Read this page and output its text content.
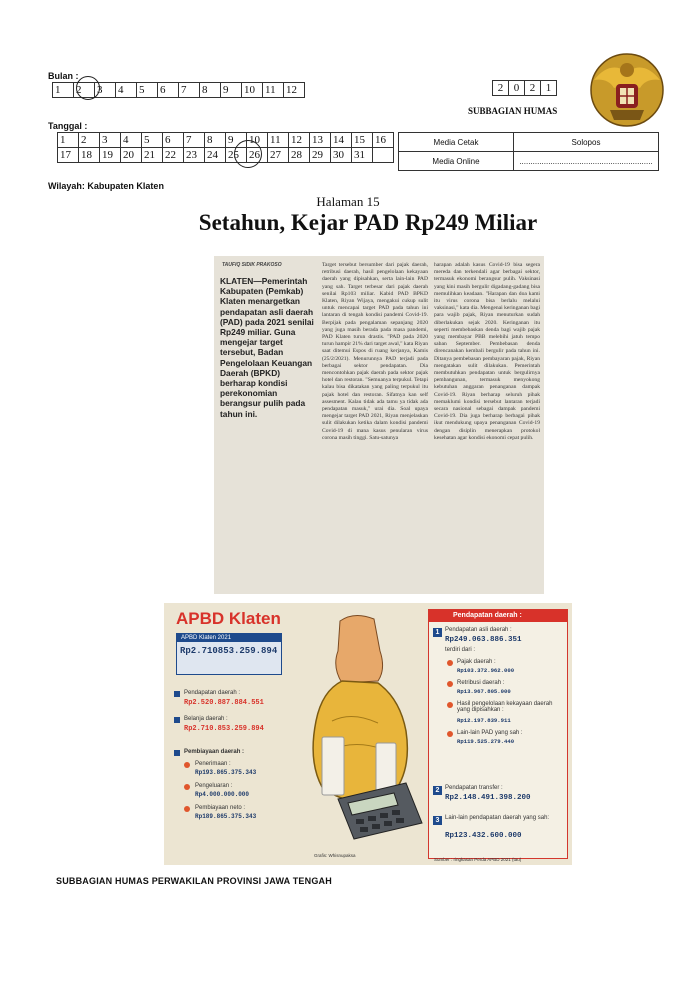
Bulan :
1	2	3	4	5	6	7	8	9	10	11	12
Tanggal :
1	2	3	4	5	6	7	8	9	10	11	12	13	14	15	16
17	18	19	20	21	22	23	24	25	26	27	28	29	30	31	
2 0 2 1
SUBBAGIAN HUMAS
Media Cetak	Solopos
Media Online	............................................................
Wilayah: Kabupaten Klaten
Halaman 15
Setahun, Kejar PAD Rp249 Miliar
TAUFIQ SIDIK PRAKOSO
KLATEN—Pemerintah Kabupaten (Pemkab) Klaten menargetkan pendapatan asli daerah (PAD) pada 2021 senilai Rp249 miliar. Guna mengejar target tersebut, Badan Pengelolaan Keuangan Daerah (BPKD) berharap kondisi perekonomian berangsur pulih pada tahun ini.
Target tersebut bersumber dari pajak daerah, retribusi daerah, hasil pengelolaan kekayaan daerah yang dipisahkan, serta lain-lain PAD yang sah. Target terbesar dari pajak daerah senilai Rp103 miliar. Kabid PAD BPKD Klaten, Riyan Wijaya, mengakui cukup sulit untuk mencapai target PAD pada tahun ini lantaran di tengah kondisi pandemi Covid-19. Berpijak pada pengalaman sepanjang 2020 yang juga masih berada pada masa pandemi, PAD Klaten turun drastis. "PAD pada 2020 turun hampir 21% dari target awal," kata Riyan saat ditemui Espos di ruang kerjanya, Kamis (25/2/2021). Menurunnya PAD terjadi pada berbagai sektor pendapatan. Dia mencontohkan pajak daerah pada sektor pajak hotel dan restoran. "Semuanya terpukul. Tetapi kalau bisa dikatakan yang paling terpukul itu pajak hotel dan restoran. Sifatnya kan self assesment. Kalau tidak ada tamu ya tidak ada pendapatan masuk," urai dia. Soal upaya mengejar target PAD 2021, Riyan menjelaskan sulit dilakukan ketika dalam kondisi pandemi Covid-19 di mana kasus penularan virus corona masih tinggi. Satu-satunya
harapan adalah kasus Covid-19 bisa segera mereda dan terkendali agar berbagai sektor, termasuk ekonomi berangsur pulih. Vaksinasi yang kini masih bergulir digadang-gadang bisa memulihkan keadaan. "Harapan dan doa kami itu virus corona bisa berlalu melalui vaksinasi," kata dia. Mengenai keringanan bagi para wajib pajak, Riyan menuturkan sudah diberlakukan sejak 2020. Keringanan itu seperti membebaskan denda bagi wajib pajak yang membayar PBB melebihi jatuh tempo saban September. Pembebasan denda direncanakan kembali bergulir pada tahun ini. Ditanya pembebasan pembayaran pajak, Riyan mengatakan sulit dilakukan. Pemerintah membutuhkan pendapatan untuk bergulirnya pembangunan, termasuk menyokong kebutuhan anggaran penanganan dampak Covid-19. Riyan berharap seluruh pihak memaklumi kondisi tersebut lantaran terjadi secara nasional sebagai dampak pandemi Covid-19. Dia juga berharap berbagai pihak ikut mendukung upaya penanganan Covid-19 dengan disiplin menerapkan protokol kesehatan agar kondisi ekonomi cepat pulih.
APBD Klaten
APBD Klaten 2021
Rp2.710853.259.894
Pendapatan daerah :
Rp2.520.887.884.551
Belanja daerah :
Rp2.710.853.259.894
Pembiayaan daerah :
Penerimaan :
Rp193.865.375.343
Pengeluaran :
Rp4.000.000.000
Pembiayaan neto :
Rp189.865.375.343
Grafis: Whisnupaksa
Pendapatan daerah :
1 Pendapatan asli daerah :
Rp249.063.886.351
terdiri dari :
Pajak daerah :
Rp103.372.962.000
Retribusi daerah :
Rp13.967.805.000
Hasil pengelolaan kekayaan daerah yang dipisahkan :
Rp12.197.839.911
Lain-lain PAD yang sah :
Rp119.525.279.440
2 Pendapatan transfer :
Rp2.148.491.398.200
3 Lain-lain pendapatan daerah yang sah:
Rp123.432.600.000
Sumber : ringkasan Perda APBD 2021 (tau)
SUBBAGIAN HUMAS PERWAKILAN PROVINSI JAWA TENGAH
